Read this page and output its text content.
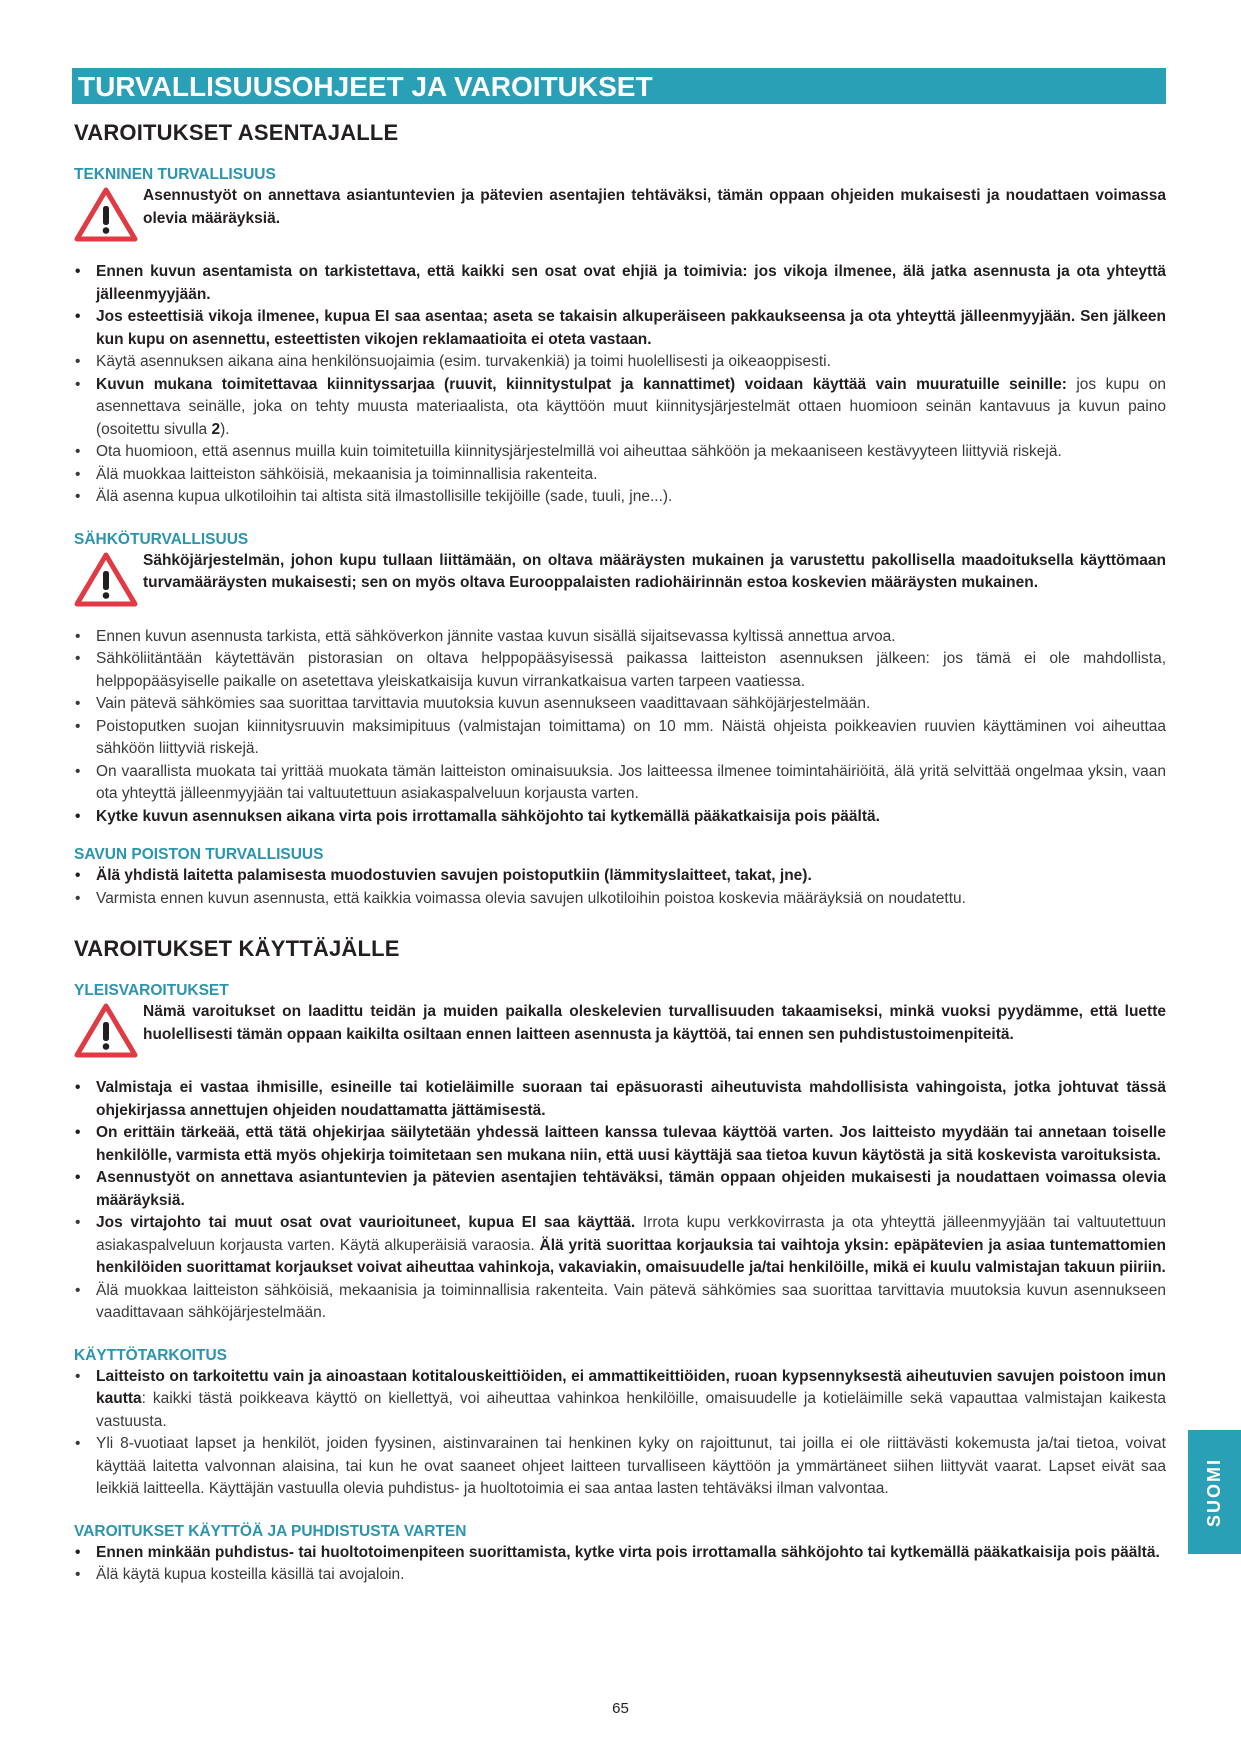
TURVALLISUUSOHJEET JA VAROITUKSET
VAROITUKSET ASENTAJALLE
TEKNINEN TURVALLISUUS

Asennustyöt on annettava asiantuntevien ja pätevien asentajien tehtäväksi, tämän oppaan ohjeiden mukaisesti ja noudattaen voimassa olevia määräyksiä.

• Ennen kuvun asentamista on tarkistettava, että kaikki sen osat ovat ehjiä ja toimivia: jos vikoja ilmenee, älä jatka asennusta ja ota yhteyttä jälleenmyyjään.
• Jos esteettisiä vikoja ilmenee, kupua EI saa asentaa; aseta se takaisin alkuperäiseen pakkaukseensa ja ota yhteyttä jälleenmyyjään. Sen jälkeen kun kupu on asennettu, esteettisten vikojen reklamaatioita ei oteta vastaan.
• Käytä asennuksen aikana aina henkilönsuojaimia (esim. turvakenkiä) ja toimi huolellisesti ja oikeaoppisesti.
• Kuvun mukana toimitettavaa kiinnityssarjaa (ruuvit, kiinnitystulpat ja kannattimet) voidaan käyttää vain muuratuille seinille: jos kupu on asennettava seinälle, joka on tehty muusta materiaalista, ota käyttöön muut kiinnitysjärjestelmät ottaen huomioon seinän kantavuus ja kuvun paino (osoitettu sivulla 2).
• Ota huomioon, että asennus muilla kuin toimitetuilla kiinnitysjärjestelmillä voi aiheuttaa sähköön ja mekaaniseen kestävyyteen liittyviä riskejä.
• Älä muokkaa laitteiston sähköisiä, mekaanisia ja toiminnallisia rakenteita.
• Älä asenna kupua ulkotiloihin tai altista sitä ilmastollisille tekijöille (sade, tuuli, jne...).
SÄHKÖTURVALLISUUS

Sähköjärjestelmän, johon kupu tullaan liittämään, on oltava määräysten mukainen ja varustettu pakollisella maadoituksella käyttömaan turvamääräysten mukaisesti; sen on myös oltava Eurooppalaisten radiohäirinnän estoa koskevien määräysten mukainen.

• Ennen kuvun asennusta tarkista, että sähköverkon jännite vastaa kuvun sisällä sijaitsevassa kyltissä annettua arvoa.
• Sähköliitäntään käytettävän pistorasian on oltava helppopääsyisessä paikassa laitteiston asennuksen jälkeen: jos tämä ei ole mahdollista, helppopääsyiselle paikalle on asetettava yleiskatkaisija kuvun virrankatkaisua varten tarpeen vaatiessa.
• Vain pätevä sähkömies saa suorittaa tarvittavia muutoksia kuvun asennukseen vaadittavaan sähköjärjestelmään.
• Poistoputken suojan kiinnitysruuvin maksimipituus (valmistajan toimittama) on 10 mm. Näistä ohjeista poikkeavien ruuvien käyttäminen voi aiheuttaa sähköön liittyviä riskejä.
• On vaarallista muokata tai yrittää muokata tämän laitteiston ominaisuuksia. Jos laitteessa ilmenee toimintahäiriöitä, älä yritä selvittää ongelmaa yksin, vaan ota yhteyttä jälleenmyyjään tai valtuutettuun asiakaspalveluun korjausta varten.
• Kytke kuvun asennuksen aikana virta pois irrottamalla sähköjohto tai kytkemällä pääkatkaisija pois päältä.
SAVUN POISTON TURVALLISUUS
• Älä yhdistä laitetta palamisesta muodostuvien savujen poistoputkiin (lämmityslaitteet, takat, jne).
• Varmista ennen kuvun asennusta, että kaikkia voimassa olevia savujen ulkotiloihin poistoa koskevia määräyksiä on noudatettu.
VAROITUKSET KÄYTTÄJÄLLE
YLEISVAROITUKSET

Nämä varoitukset on laadittu teidän ja muiden paikalla oleskelevien turvallisuuden takaamiseksi, minkä vuoksi pyydämme, että luette huolellisesti tämän oppaan kaikilta osiltaan ennen laitteen asennusta ja käyttöä, tai ennen sen puhdistustoimenpiteitä.

• Valmistaja ei vastaa ihmisille, esineille tai kotieläimille suoraan tai epäsuorasti aiheutuvista mahdollisista vahingoista, jotka johtuvat tässä ohjekirjassa annettujen ohjeiden noudattamatta jättämisestä.
• On erittäin tärkeää, että tätä ohjekirjaa säilytetään yhdessä laitteen kanssa tulevaa käyttöä varten. Jos laitteisto myydään tai annetaan toiselle henkilölle, varmista että myös ohjekirja toimitetaan sen mukana niin, että uusi käyttäjä saa tietoa kuvun käytöstä ja sitä koskevista varoituksista.
• Asennustyöt on annettava asiantuntevien ja pätevien asentajien tehtäväksi, tämän oppaan ohjeiden mukaisesti ja noudattaen voimassa olevia määräyksiä.
• Jos virtajohto tai muut osat ovat vaurioituneet, kupua EI saa käyttää. Irrota kupu verkkovirrasta ja ota yhteyttä jälleenmyyjään tai valtuutettuun asiakaspalveluun korjausta varten. Käytä alkuperäisiä varaosia. Älä yritä suorittaa korjauksia tai vaihtoja yksin: epäpätevien ja asiaa tuntemattomien henkilöiden suorittamat korjaukset voivat aiheuttaa vahinkoja, vakaviakin, omaisuudelle ja/tai henkilöille, mikä ei kuulu valmistajan takuun piiriin.
• Älä muokkaa laitteiston sähköisiä, mekaanisia ja toiminnallisia rakenteita. Vain pätevä sähkömies saa suorittaa tarvittavia muutoksia kuvun asennukseen vaadittavaan sähköjärjestelmään.
KÄYTTÖTARKOITUS
• Laitteisto on tarkoitettu vain ja ainoastaan kotitalouskeittiöiden, ei ammattikeittiöiden, ruoan kypsennyksestä aiheutuvien savujen poistoon imun kautta: kaikki tästä poikkeava käyttö on kiellettyä, voi aiheuttaa vahinkoa henkilöille, omaisuudelle ja kotieläimille sekä vapauttaa valmistajan kaikesta vastuusta.
• Yli 8-vuotiaat lapset ja henkilöt, joiden fyysinen, aistinvarainen tai henkinen kyky on rajoittunut, tai joilla ei ole riittävästi kokemusta ja/tai tietoa, voivat käyttää laitetta valvonnan alaisina, tai kun he ovat saaneet ohjeet laitteen turvalliseen käyttöön ja ymmärtäneet siihen liittyvät vaarat. Lapset eivät saa leikkiä laitteella. Käyttäjän vastuulla olevia puhdistus- ja huoltotoimia ei saa antaa lasten tehtäväksi ilman valvontaa.
VAROITUKSET KÄYTTÖÄ JA PUHDISTUSTA VARTEN
• Ennen minkään puhdistus- tai huoltotoimenpiteen suorittamista, kytke virta pois irrottamalla sähköjohto tai kytkemällä pääkatkaisija pois päältä.
• Älä käytä kupua kosteilla käsillä tai avojaloin.
SUOMI
65
